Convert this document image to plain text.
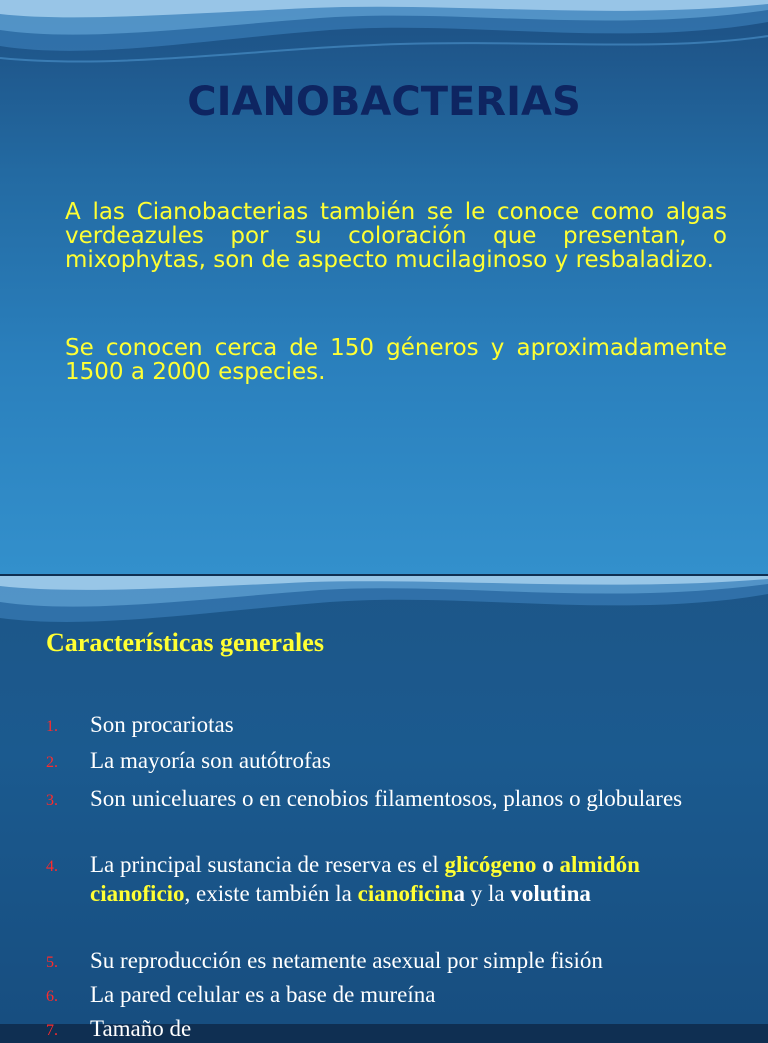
CIANOBACTERIAS

A las Cianobacterias también se le conoce como algas verdeazules por su coloración que presentan, o mixophytas, son de aspecto mucilaginoso y resbaladizo.

Se conocen cerca de 150 géneros y aproximadamente 1500 a 2000 especies.

Características generales
1.	Son procariotas
2.	La mayoría son autótrofas
3.	Son uniceluares o en cenobios filamentosos, planos o globulares
4.	La principal sustancia de reserva es el glicógeno o almidón cianoficio, existe también la cianoficina y la volutina
5.	Su reproducción es netamente asexual por simple fisión
6.	La pared celular es a base de mureína
7.	Tamaño de
